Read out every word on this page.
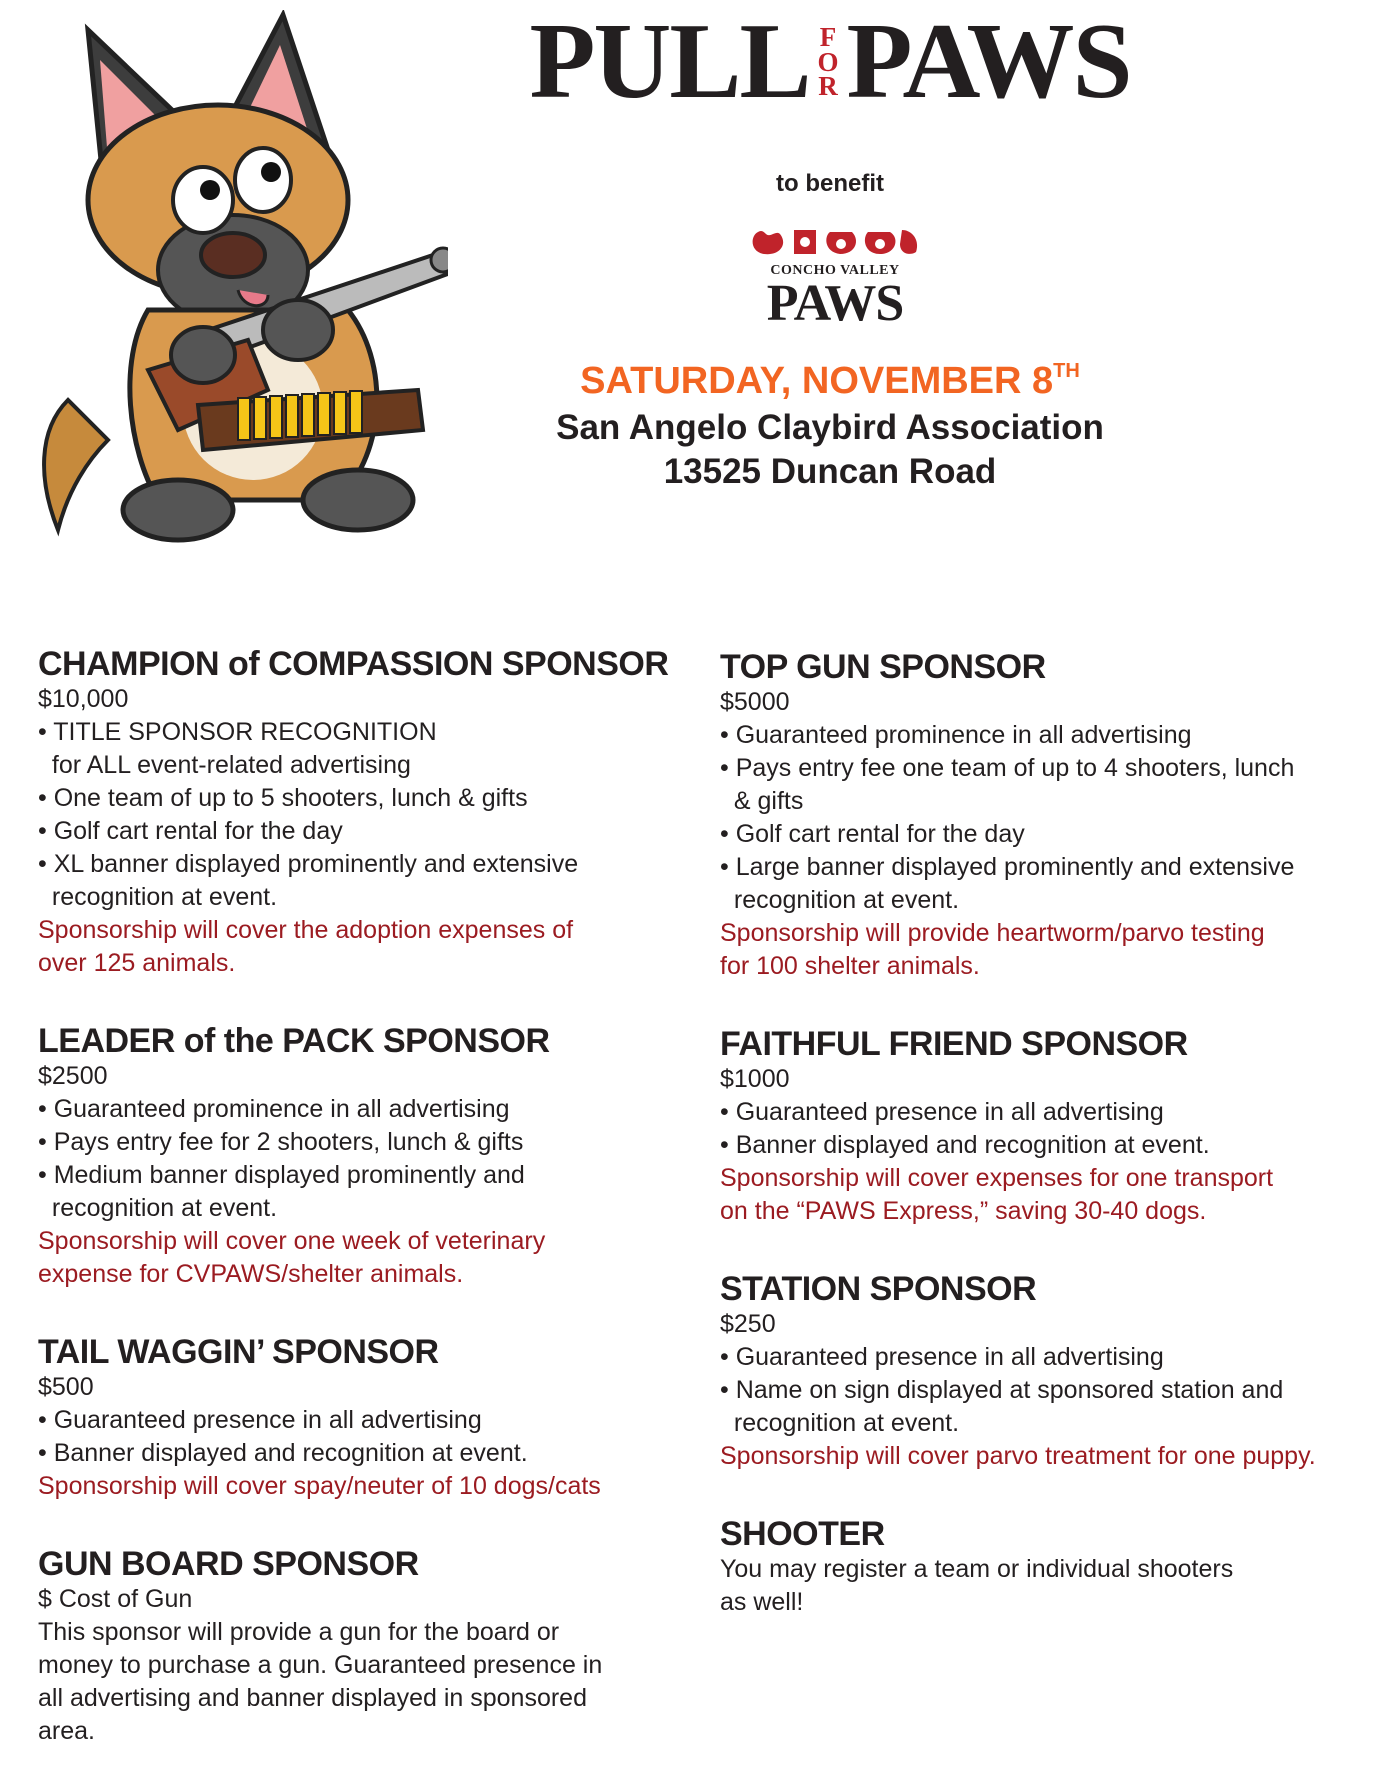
PULL F
O
R PAWS
to benefit
CONCHO VALLEY
PAWS
SATURDAY, NOVEMBER 8TH
San Angelo Claybird Association
13525 Duncan Road
CHAMPION of COMPASSION SPONSOR
$10,000
• TITLE SPONSOR RECOGNITION
for ALL event-related advertising
• One team of up to 5 shooters, lunch & gifts
• Golf cart rental for the day
• XL banner displayed prominently and extensive
recognition at event.
Sponsorship will cover the adoption expenses of
over 125 animals.
LEADER of the PACK SPONSOR
$2500
• Guaranteed prominence in all advertising
• Pays entry fee for 2 shooters, lunch & gifts
• Medium banner displayed prominently and
recognition at event.
Sponsorship will cover one week of veterinary
expense for CVPAWS/shelter animals.
TAIL WAGGIN’ SPONSOR
$500
• Guaranteed presence in all advertising
• Banner displayed and recognition at event.
Sponsorship will cover spay/neuter of 10 dogs/cats
GUN BOARD SPONSOR
$ Cost of Gun
This sponsor will provide a gun for the board or
money to purchase a gun. Guaranteed presence in
all advertising and banner displayed in sponsored
area.
TOP GUN SPONSOR
$5000
• Guaranteed prominence in all advertising
• Pays entry fee one team of up to 4 shooters, lunch
& gifts
• Golf cart rental for the day
• Large banner displayed prominently and extensive
recognition at event.
Sponsorship will provide heartworm/parvo testing
for 100 shelter animals.
FAITHFUL FRIEND SPONSOR
$1000
• Guaranteed presence in all advertising
• Banner displayed and recognition at event.
Sponsorship will cover expenses for one transport
on the “PAWS Express,” saving 30-40 dogs.
STATION SPONSOR
$250
• Guaranteed presence in all advertising
• Name on sign displayed at sponsored station and
recognition at event.
Sponsorship will cover parvo treatment for one puppy.
SHOOTER
You may register a team or individual shooters
as well!
